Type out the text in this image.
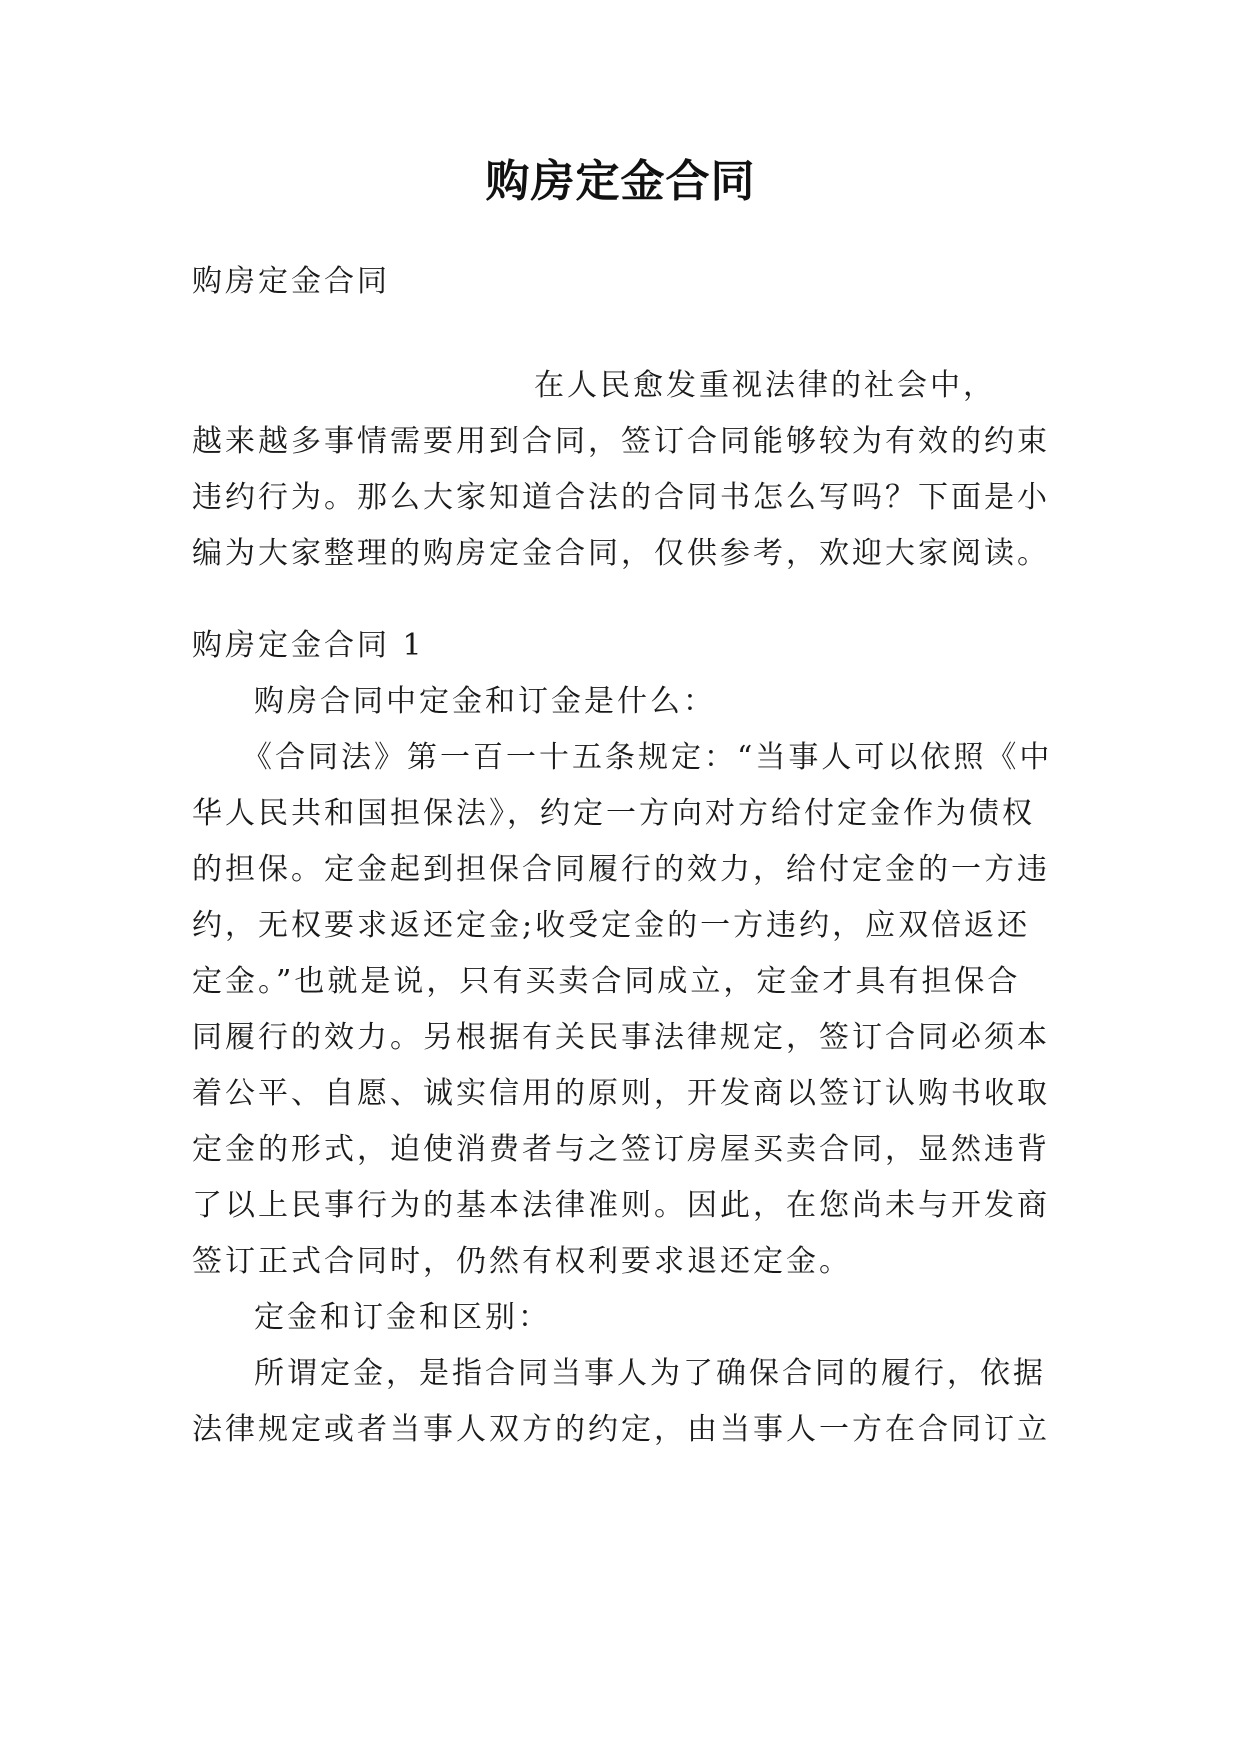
购房定金合同
购房定金合同
在人民愈发重视法律的社会中，
越来越多事情需要用到合同，签订合同能够较为有效的约束
违约行为。那么大家知道合法的合同书怎么写吗？下面是小
编为大家整理的购房定金合同，仅供参考，欢迎大家阅读。
购房定金合同 1
购房合同中定金和订金是什么：
《合同法》第一百一十五条规定：“当事人可以依照《中
华人民共和国担保法》，约定一方向对方给付定金作为债权
的担保。定金起到担保合同履行的效力，给付定金的一方违
约，无权要求返还定金;收受定金的一方违约，应双倍返还
定金。”也就是说，只有买卖合同成立，定金才具有担保合
同履行的效力。另根据有关民事法律规定，签订合同必须本
着公平、自愿、诚实信用的原则，开发商以签订认购书收取
定金的形式，迫使消费者与之签订房屋买卖合同，显然违背
了以上民事行为的基本法律准则。因此，在您尚未与开发商
签订正式合同时，仍然有权利要求退还定金。
定金和订金和区别：
所谓定金，是指合同当事人为了确保合同的履行，依据
法律规定或者当事人双方的约定，由当事人一方在合同订立
